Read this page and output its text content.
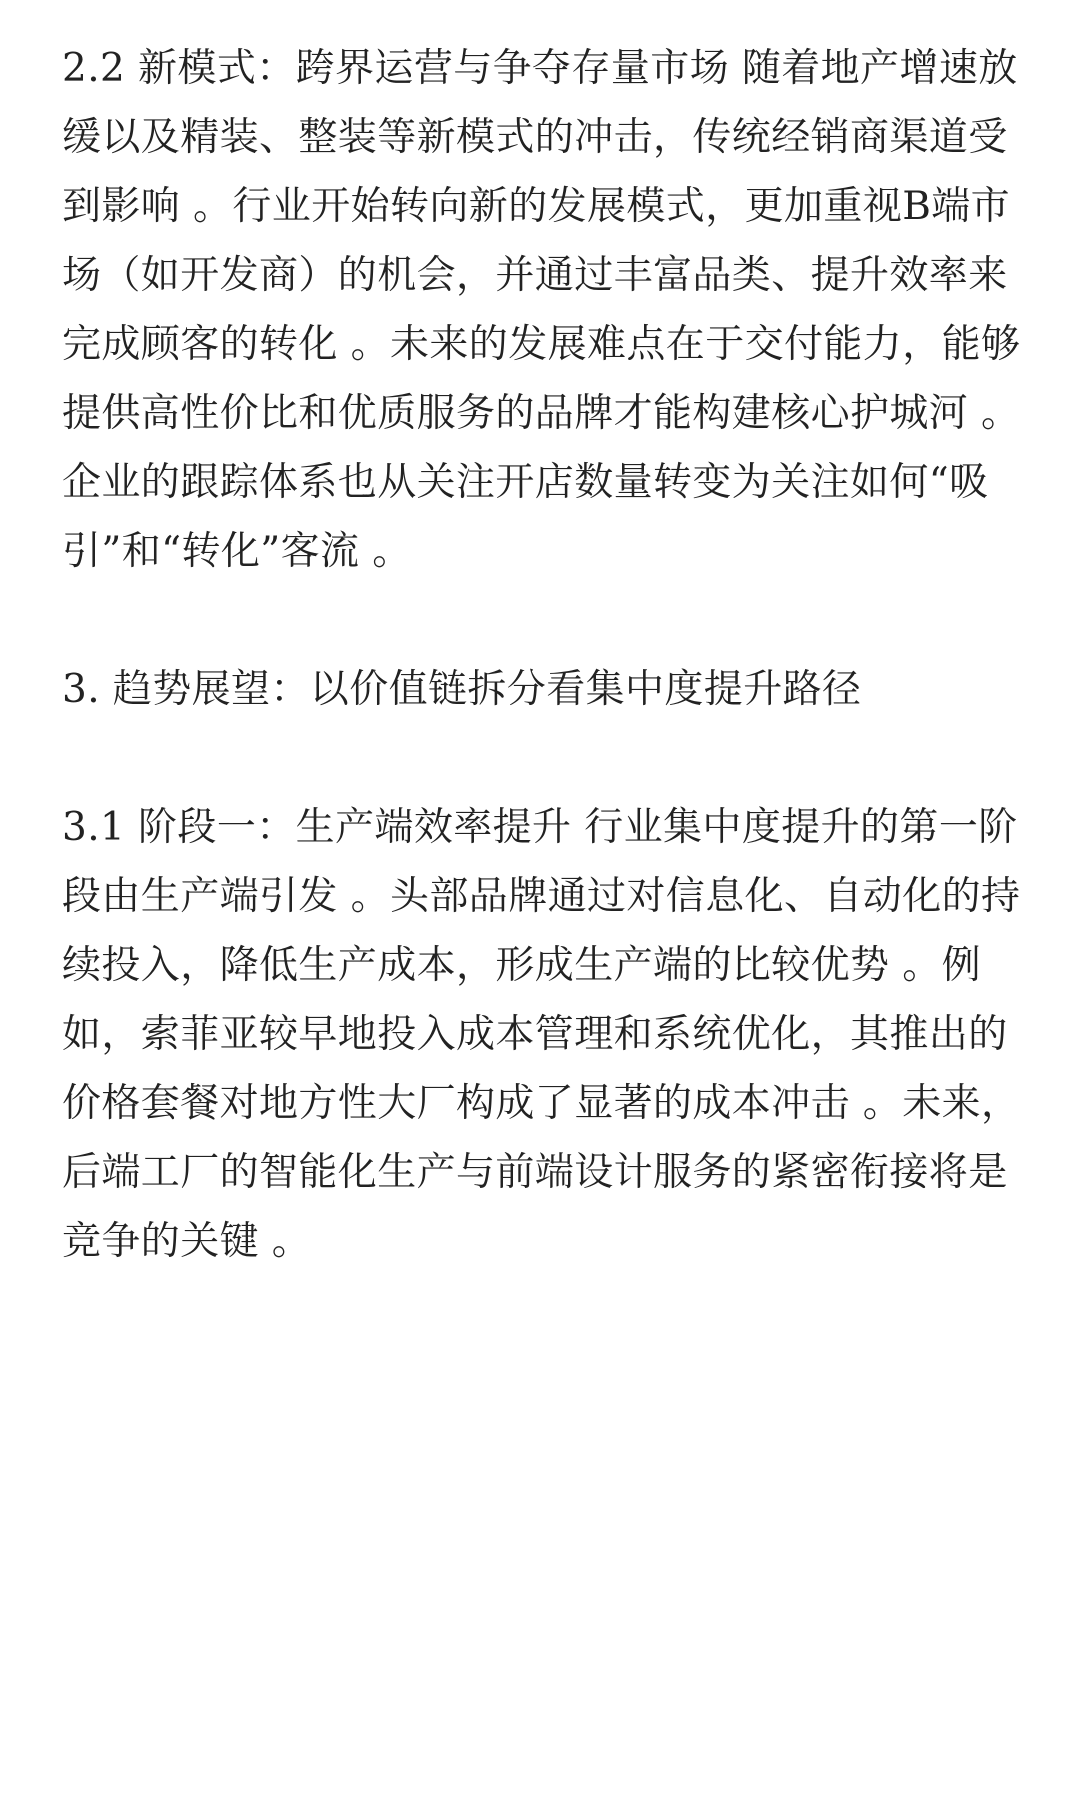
2.2 新模式：跨界运营与争夺存量市场 随着地产增速放缓以及精装、整装等新模式的冲击，传统经销商渠道受到影响 。行业开始转向新的发展模式，更加重视B端市场（如开发商）的机会，并通过丰富品类、提升效率来完成顾客的转化 。未来的发展难点在于交付能力，能够提供高性价比和优质服务的品牌才能构建核心护城河 。企业的跟踪体系也从关注开店数量转变为关注如何“吸引”和“转化”客流 。

3. 趋势展望：以价值链拆分看集中度提升路径

3.1 阶段一：生产端效率提升 行业集中度提升的第一阶段由生产端引发 。头部品牌通过对信息化、自动化的持续投入，降低生产成本，形成生产端的比较优势 。例如，索菲亚较早地投入成本管理和系统优化，其推出的价格套餐对地方性大厂构成了显著的成本冲击 。未来，后端工厂的智能化生产与前端设计服务的紧密衔接将是竞争的关键 。
